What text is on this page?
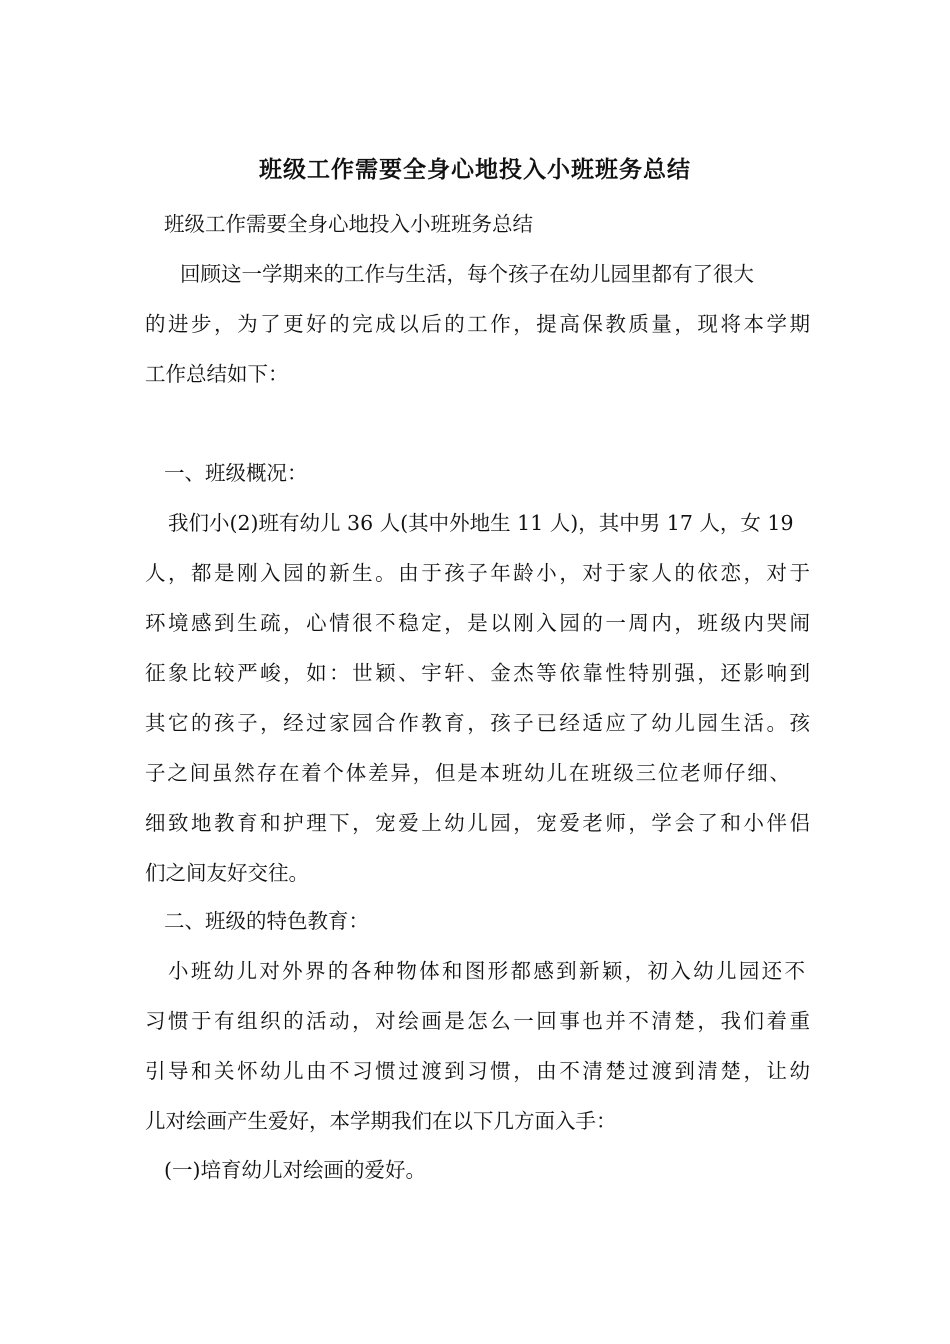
班级工作需要全身心地投入小班班务总结
班级工作需要全身心地投入小班班务总结
回顾这一学期来的工作与生活，每个孩子在幼儿园里都有了很大
的进步，为了更好的完成以后的工作，提高保教质量，现将本学期
工作总结如下：
一、班级概况：
我们小(2)班有幼儿 36 人(其中外地生 11 人)，其中男 17 人，女 19
人，都是刚入园的新生。由于孩子年龄小，对于家人的依恋，对于
环境感到生疏，心情很不稳定，是以刚入园的一周内，班级内哭闹
征象比较严峻，如：世颖、宇轩、金杰等依靠性特别强，还影响到
其它的孩子，经过家园合作教育，孩子已经适应了幼儿园生活。孩
子之间虽然存在着个体差异，但是本班幼儿在班级三位老师仔细、
细致地教育和护理下，宠爱上幼儿园，宠爱老师，学会了和小伴侣
们之间友好交往。
二、班级的特色教育：
小班幼儿对外界的各种物体和图形都感到新颖，初入幼儿园还不
习惯于有组织的活动，对绘画是怎么一回事也并不清楚，我们着重
引导和关怀幼儿由不习惯过渡到习惯，由不清楚过渡到清楚，让幼
儿对绘画产生爱好，本学期我们在以下几方面入手：
(一)培育幼儿对绘画的爱好。
